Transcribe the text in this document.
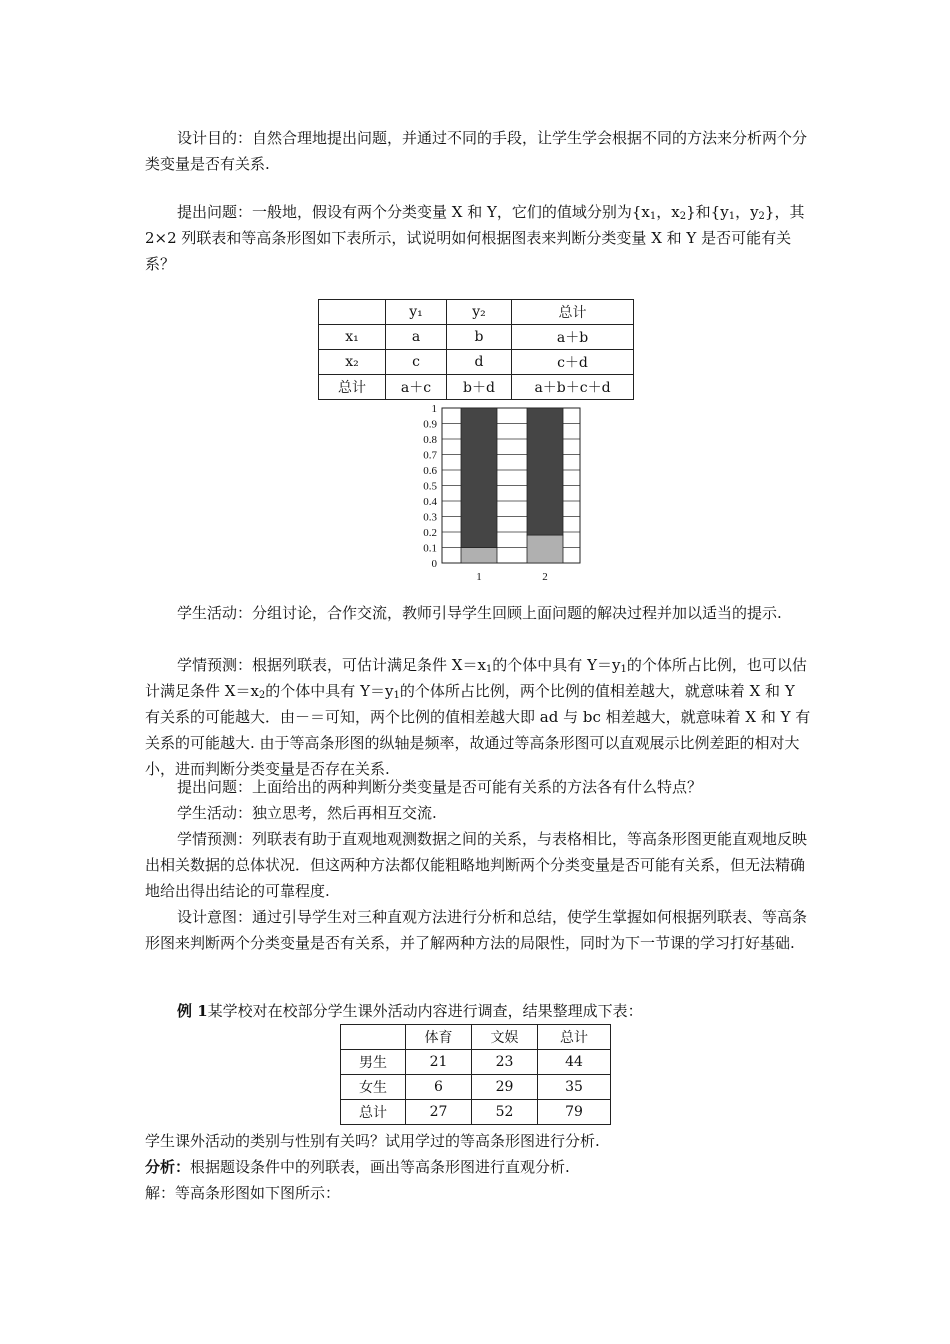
设计目的：自然合理地提出问题，并通过不同的手段，让学生学会根据不同的方法来分析两个分类变量是否有关系.

提出问题：一般地，假设有两个分类变量 X 和 Y，它们的值域分别为{$x_1$，$x_2$}和{$y_1$，$y_2$}，其 2×2 列联表和等高条形图如下表所示，试说明如何根据图表来判断分类变量 X 和 Y 是否可能有关系？

	y₁	y₂	总计
x₁	a	b	a＋b
x₂	c	d	c＋d
总计	a＋c	b＋d	a＋b＋c＋d
0
0.1
0.2
0.3
0.4
0.5
0.6
0.7
0.8
0.9
1
1	2

学生活动：分组讨论，合作交流，教师引导学生回顾上面问题的解决过程并加以适当的提示.

学情预测：根据列联表，可估计满足条件 $X=x_1$的个体中具有 $Y=y_1$的个体所占比例，也可以估计满足条件 $X=x_2$的个体中具有 $Y=y_1$的个体所占比例，两个比例的值相差越大，就意味着 X 和 Y 有关系的可能越大．由－＝可知，两个比例的值相差越大即 ad 与 bc 相差越大，就意味着 X 和 Y 有关系的可能越大. 由于等高条形图的纵轴是频率，故通过等高条形图可以直观展示比例差距的相对大小，进而判断分类变量是否存在关系.

提出问题：上面给出的两种判断分类变量是否可能有关系的方法各有什么特点？

学生活动：独立思考，然后再相互交流.

学情预测：列联表有助于直观地观测数据之间的关系，与表格相比，等高条形图更能直观地反映出相关数据的总体状况．但这两种方法都仅能粗略地判断两个分类变量是否可能有关系，但无法精确地给出得出结论的可靠程度.

设计意图：通过引导学生对三种直观方法进行分析和总结，使学生掌握如何根据列联表、等高条形图来判断两个分类变量是否有关系，并了解两种方法的局限性，同时为下一节课的学习打好基础.

例 1某学校对在校部分学生课外活动内容进行调查，结果整理成下表：

	体育	文娱	总计
男生	21	23	44
女生	6	29	35
总计	27	52	79

学生课外活动的类别与性别有关吗？试用学过的等高条形图进行分析.

分析：根据题设条件中的列联表，画出等高条形图进行直观分析.

解：等高条形图如下图所示：
